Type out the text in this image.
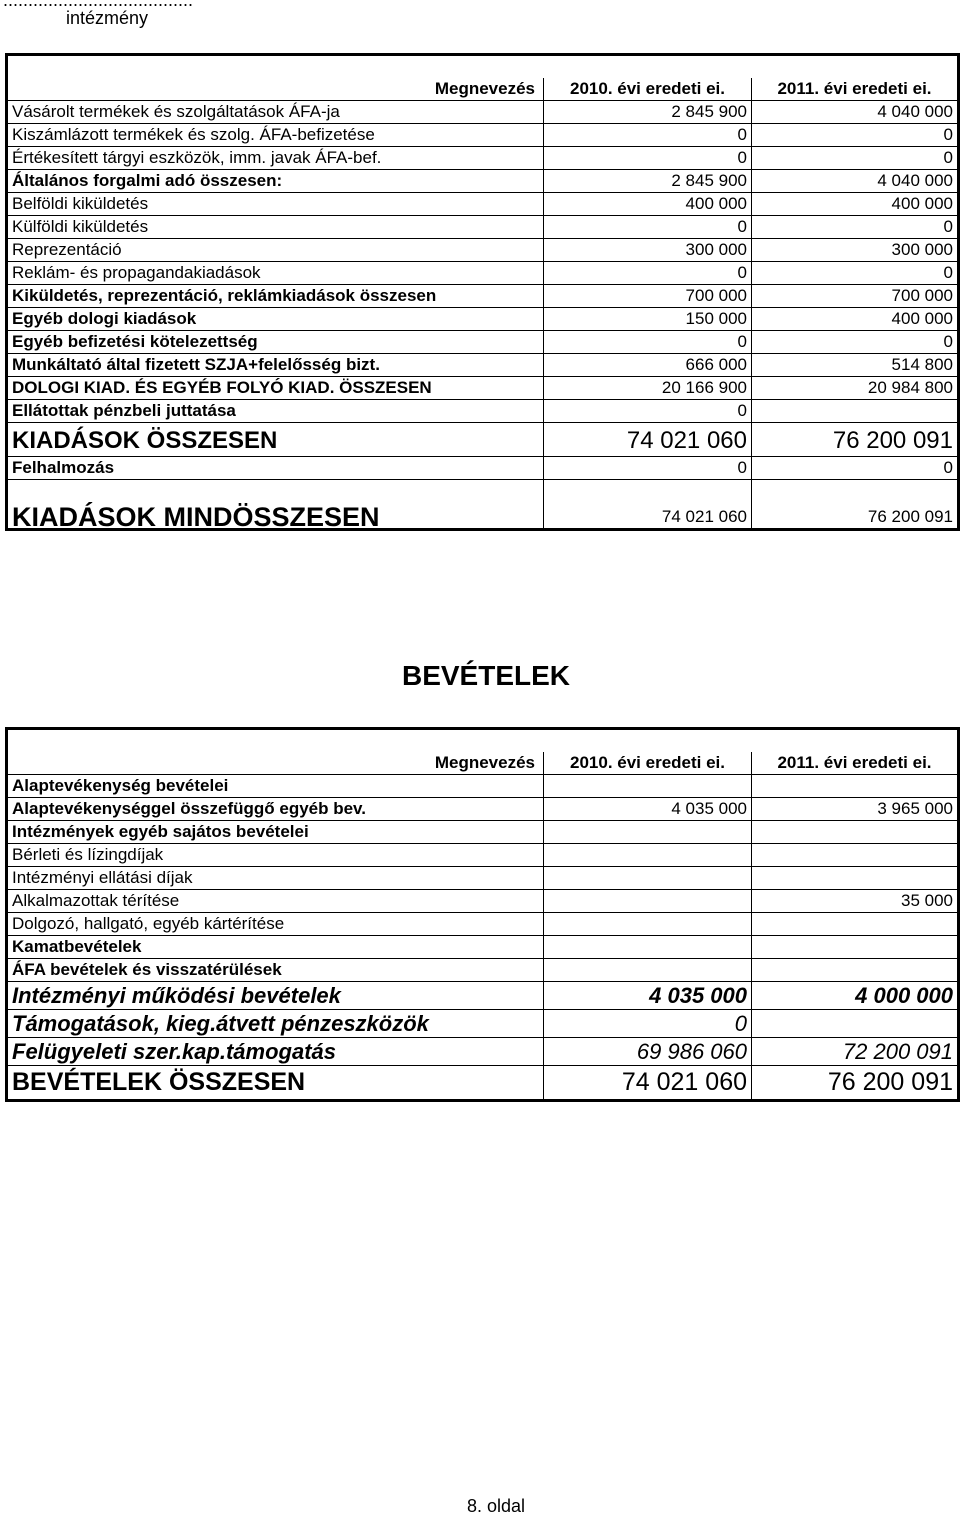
......................................
intézmény

Megnevezés	2010. évi eredeti ei.	2011. évi eredeti ei.
Vásárolt termékek és szolgáltatások ÁFA-ja	2 845 900	4 040 000
Kiszámlázott termékek és szolg. ÁFA-befizetése	0	0
Értékesített tárgyi eszközök, imm. javak ÁFA-bef.	0	0
Általános forgalmi adó összesen:	2 845 900	4 040 000
Belföldi kiküldetés	400 000	400 000
Külföldi kiküldetés	0	0
Reprezentáció	300 000	300 000
Reklám- és propagandakiadások	0	0
Kiküldetés, reprezentáció, reklámkiadások összesen	700 000	700 000
Egyéb dologi kiadások	150 000	400 000
Egyéb befizetési kötelezettség	0	0
Munkáltató által fizetett SZJA+felelősség bizt.	666 000	514 800
DOLOGI KIAD. ÉS EGYÉB FOLYÓ KIAD. ÖSSZESEN	20 166 900	20 984 800
Ellátottak pénzbeli juttatása	0	
KIADÁSOK ÖSSZESEN	74 021 060	76 200 091
Felhalmozás	0	0
KIADÁSOK MINDÖSSZESEN	74 021 060	76 200 091
BEVÉTELEK

Megnevezés	2010. évi eredeti ei.	2011. évi eredeti ei.
Alaptevékenység bevételei		
Alaptevékenységgel összefüggő egyéb bev.	4 035 000	3 965 000
Intézmények egyéb sajátos bevételei		
Bérleti és lízingdíjak		
Intézményi ellátási díjak		
Alkalmazottak térítése		35 000
Dolgozó, hallgató, egyéb kártérítése		
Kamatbevételek		
ÁFA bevételek és visszatérülések		
Intézményi működési bevételek	4 035 000	4 000 000
Támogatások, kieg.átvett pénzeszközök	0	
Felügyeleti szer.kap.támogatás	69 986 060	72 200 091
BEVÉTELEK ÖSSZESEN	74 021 060	76 200 091
8. oldal
